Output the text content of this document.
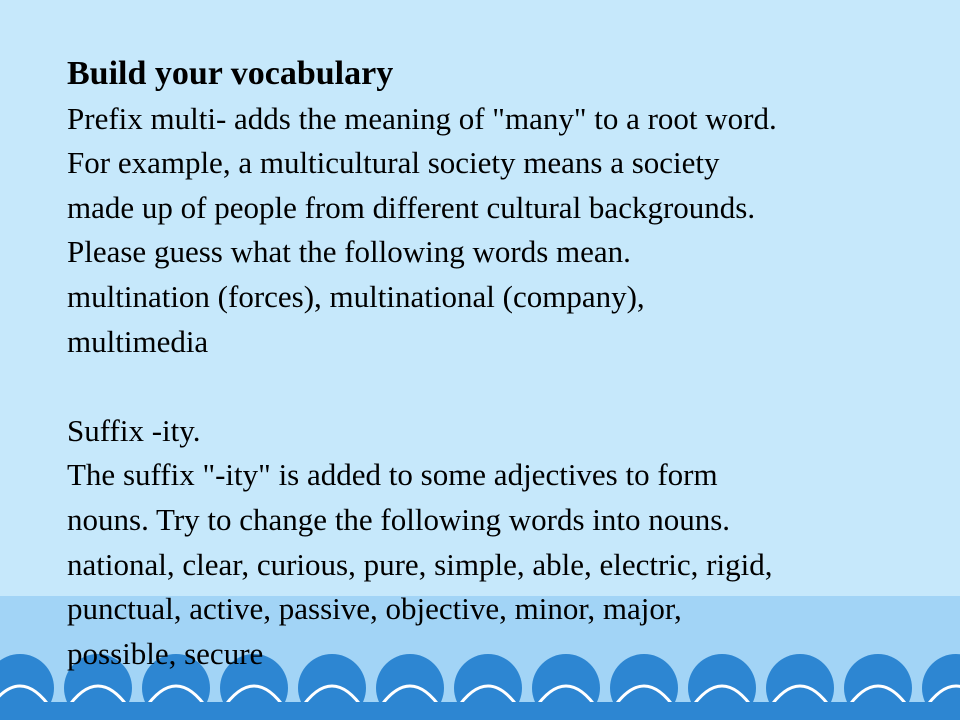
Build your vocabulary
Prefix multi- adds the meaning of "many" to a root word.
For example, a multicultural society means a society
made up of people from different cultural backgrounds.
Please guess what the following words mean.
multination (forces), multinational (company),
multimedia
Suffix -ity.
The suffix "-ity" is added to some adjectives to form
nouns. Try to change the following words into nouns.
national, clear, curious, pure, simple, able, electric, rigid,
punctual, active, passive, objective, minor, major,
possible, secure
